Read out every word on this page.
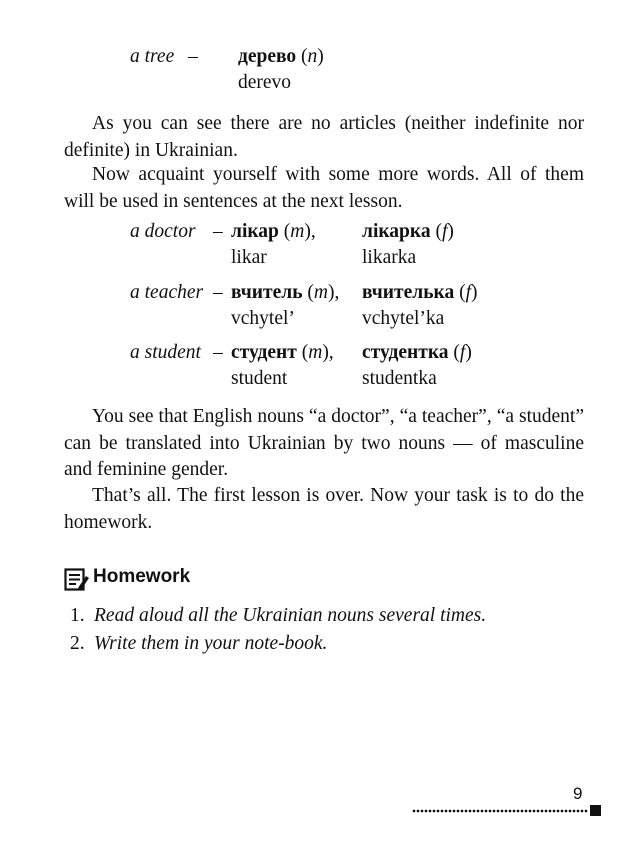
a tree – дерево (n)
derevo

As you can see there are no articles (neither indefinite nor definite) in Ukrainian.

Now acquaint yourself with some more words. All of them will be used in sentences at the next lesson.

a doctor – лікар (m), лікарка (f)
likar	likarka
a teacher – вчитель (m), вчителька (f)
vchytel’	vchytel’ka
a student – студент (m), студентка (f)
student	studentka

You see that English nouns “a doctor”, “a teacher”, “a student” can be translated into Ukrainian by two nouns — of masculine and feminine gender.

That’s all. The first lesson is over. Now your task is to do the homework.

Homework
1. Read aloud all the Ukrainian nouns several times.
2. Write them in your note-book.
9
